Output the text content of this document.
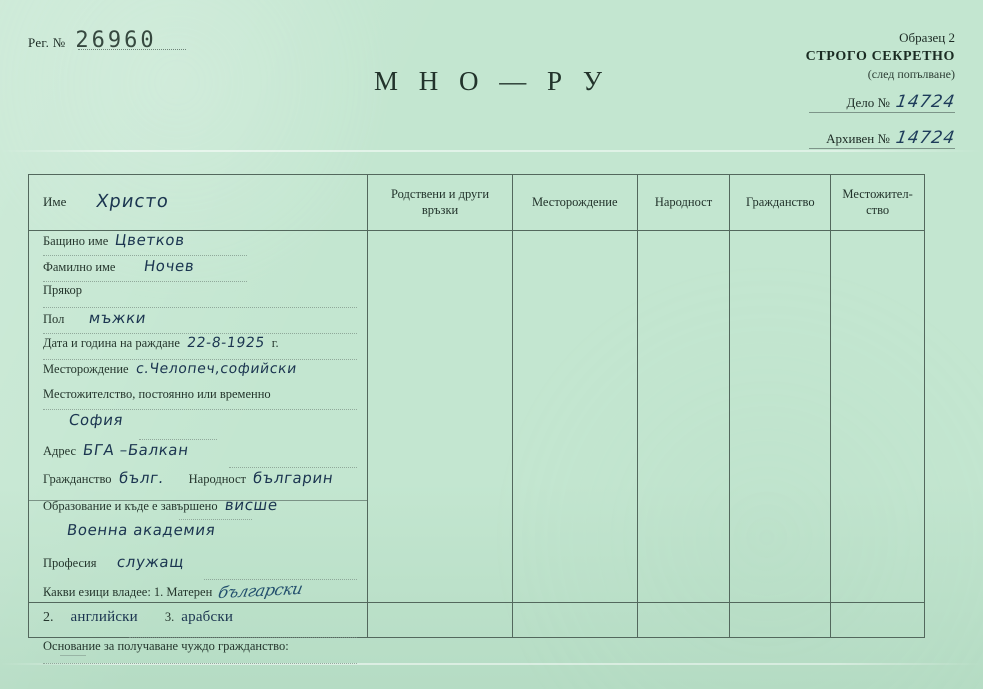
Рег. № 26960
М Н О — Р У
Образец 2
СТРОГО СЕКРЕТНО
(след попълване)
Дело № 14724
Архивен № 14724
Име Христо
Бащино име Цветков
Фамилно име Ночев
Прякор
Пол мъжки
Дата и година на раждане 22-8-1925 г.
Месторождение с.Челопеч,софийски
Местожителство, постоянно или временно
София
Адрес БГА –Балкан
Гражданство бълг. Народност българин
Образование и къде е завършено висше
Военна академия
Професия служащ
Какви езици владее: 1. Матерен български
2. английски 3. арабски
Основание за получаване чуждо гражданство:
Родствени и други връзки
Месторождение	Народност	Гражданство
Местожител-ство
